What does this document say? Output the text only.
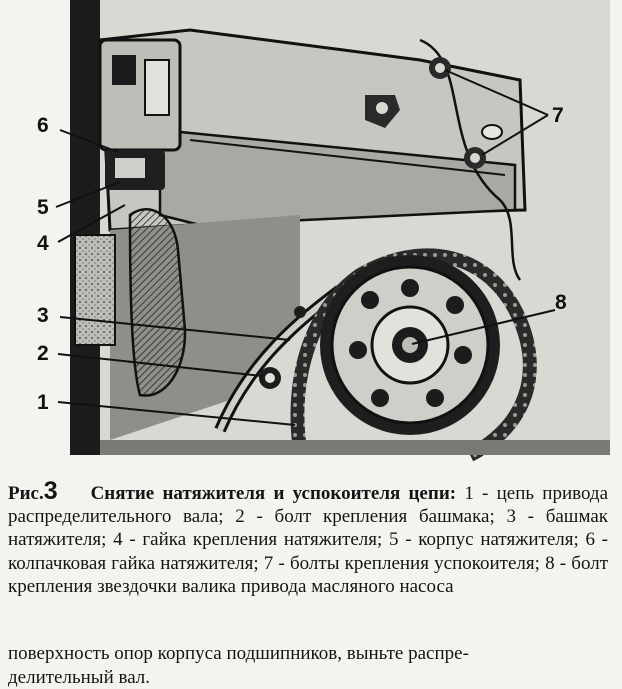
6
5
4
3
2
1
7
8

Рис.3 Снятие натяжителя и успокоителя цепи: 1 - цепь привода распределительного вала; 2 - болт крепления башмака; 3 - башмак натяжителя; 4 - гайка крепления натяжителя; 5 - корпус натяжителя; 6 - колпачковая гайка натяжителя; 7 - болты крепления успокоителя; 8 - болт крепления звездочки валика привода масляного насоса

поверхность опор корпуса подшипников, выньте распре-
делительный вал.
